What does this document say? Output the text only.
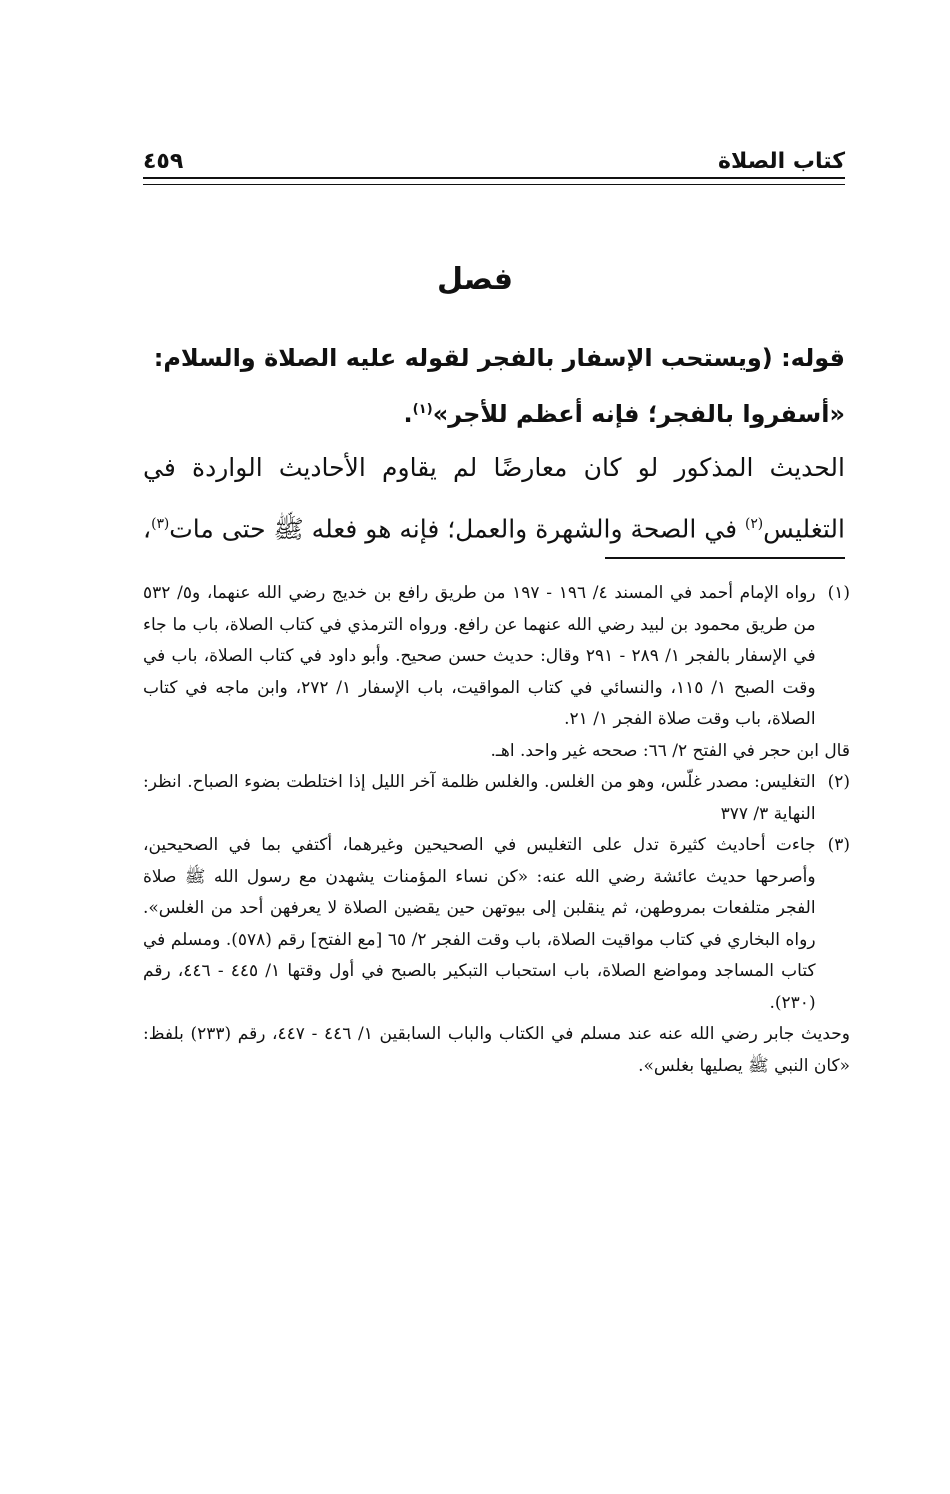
كتاب الصلاة
٤٥٩
فصل
قوله: (ويستحب الإسفار بالفجر لقوله عليه الصلاة والسلام:
«أسفروا بالفجر؛ فإنه أعظم للأجر»$^{(١)}$.
الحديث المذكور لو كان معارضًا لم يقاوم الأحاديث الواردة في التغليس$^{(٢)}$ في الصحة والشهرة والعمل؛ فإنه هو فعله ﷺ حتى مات$^{(٣)}$،
(١)
رواه الإمام أحمد في المسند ٤/ ١٩٦ - ١٩٧ من طريق رافع بن خديج رضي الله عنهما، و٥/ ٥٣٢ من طريق محمود بن لبيد رضي الله عنهما عن رافع. ورواه الترمذي في كتاب الصلاة، باب ما جاء في الإسفار بالفجر ١/ ٢٨٩ - ٢٩١ وقال: حديث حسن صحيح. وأبو داود في كتاب الصلاة، باب في وقت الصبح ١/ ١١٥، والنسائي في كتاب المواقيت، باب الإسفار ١/ ٢٧٢، وابن ماجه في كتاب الصلاة، باب وقت صلاة الفجر ١/ ٢١.
قال ابن حجر في الفتح ٢/ ٦٦: صححه غير واحد. اهـ.
(٢)
التغليس: مصدر غلّس، وهو من الغلس. والغلس ظلمة آخر الليل إذا اختلطت بضوء الصباح. انظر: النهاية ٣/ ٣٧٧
(٣)
جاءت أحاديث كثيرة تدل على التغليس في الصحيحين وغيرهما، أكتفي بما في الصحيحين، وأصرحها حديث عائشة رضي الله عنه: «كن نساء المؤمنات يشهدن مع رسول الله ﷺ صلاة الفجر متلفعات بمروطهن، ثم ينقلبن إلى بيوتهن حين يقضين الصلاة لا يعرفهن أحد من الغلس». رواه البخاري في كتاب مواقيت الصلاة، باب وقت الفجر ٢/ ٦٥ [مع الفتح] رقم (٥٧٨). ومسلم في كتاب المساجد ومواضع الصلاة، باب استحباب التبكير بالصبح في أول وقتها ١/ ٤٤٥ - ٤٤٦، رقم (٢٣٠).
وحديث جابر رضي الله عنه عند مسلم في الكتاب والباب السابقين ١/ ٤٤٦ - ٤٤٧، رقم (٢٣٣) بلفظ: «كان النبي ﷺ يصليها بغلس».
